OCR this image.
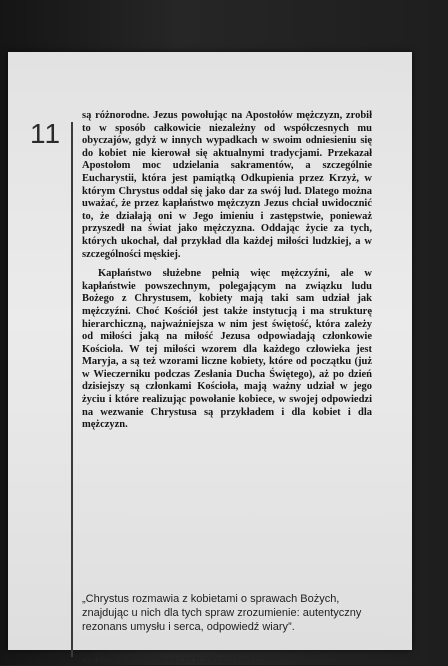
11

są różnorodne. Jezus powołując na Apostołów mężczyzn, zrobił to w sposób całkowicie niezależny od współczesnych mu obyczajów, gdyż w innych wypadkach w swoim odniesieniu się do kobiet nie kierował się aktualnymi tradycjami. Przekazał Apostołom moc udzielania sakramentów, a szczególnie Eucharystii, która jest pamiątką Odkupienia przez Krzyż, w którym Chrystus oddał się jako dar za swój lud. Dlatego można uważać, że przez kapłaństwo mężczyzn Jezus chciał uwidocznić to, że działają oni w Jego imieniu i zastępstwie, ponieważ przyszedł na świat jako mężczyzna. Oddając życie za tych, których ukochał, dał przykład dla każdej miłości ludzkiej, a w szczególności męskiej.

Kapłaństwo służebne pełnią więc mężczyźni, ale w kapłaństwie powszechnym, polegającym na związku ludu Bożego z Chrystusem, kobiety mają taki sam udział jak mężczyźni. Choć Kościół jest także instytucją i ma strukturę hierarchiczną, najważniejsza w nim jest świętość, która zależy od miłości jaką na miłość Jezusa odpowiadają członkowie Kościoła. W tej miłości wzorem dla każdego człowieka jest Maryja, a są też wzorami liczne kobiety, które od początku (już w Wieczerniku podczas Zesłania Ducha Świętego), aż po dzień dzisiejszy są członkami Kościoła, mają ważny udział w jego życiu i które realizując powołanie kobiece, w swojej odpowiedzi na wezwanie Chrystusa są przykładem i dla kobiet i dla mężczyzn.

„Chrystus rozmawia z kobietami o sprawach Bożych, znajdując u nich dla tych spraw zrozumienie: autentyczny rezonans umysłu i serca, odpowiedź wiary”.
15. POWIERNICE EWANGELICZNEGO ORĘDZIA
